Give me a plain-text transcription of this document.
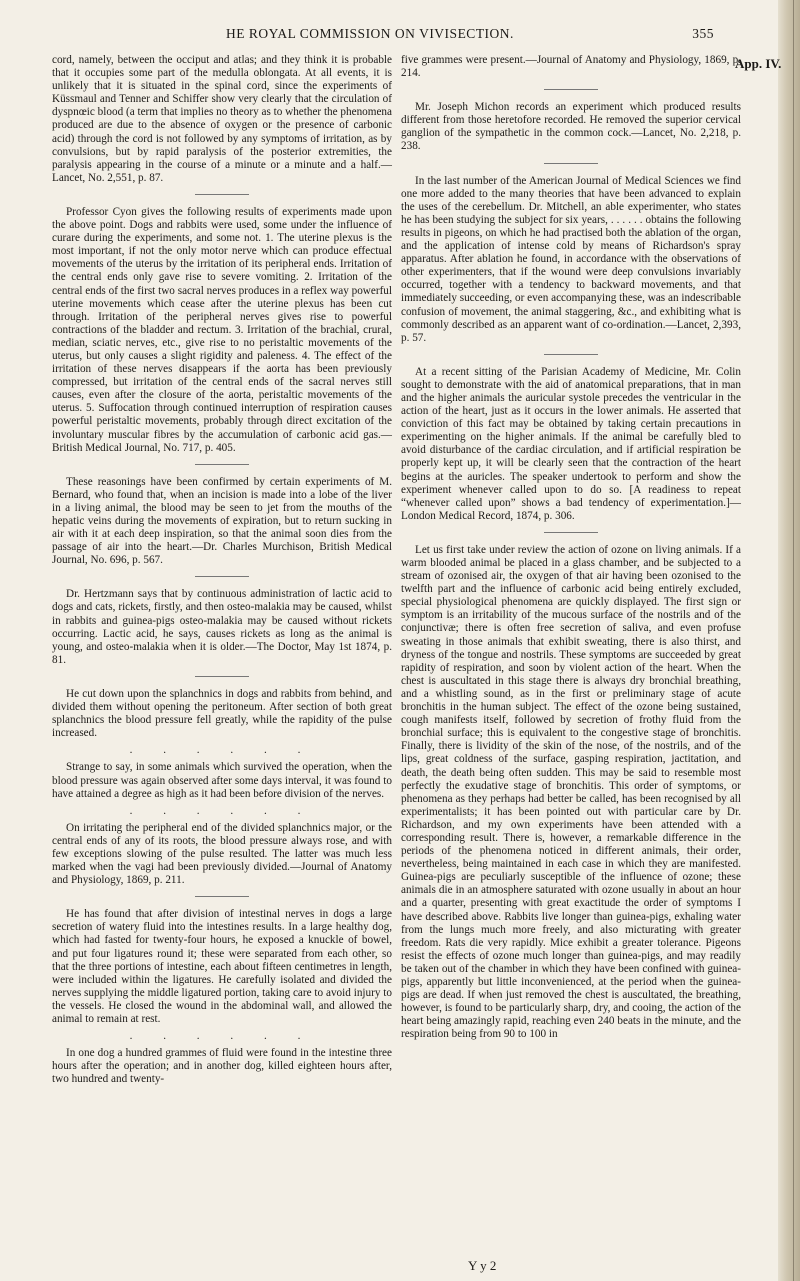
HE ROYAL COMMISSION ON VIVISECTION.	355
App. IV.

cord, namely, between the occiput and atlas; and they think it is probable that it occupies some part of the medulla oblongata. At all events, it is unlikely that it is situated in the spinal cord, since the experiments of Küssmaul and Tenner and Schiffer show very clearly that the circulation of dyspnœic blood (a term that implies no theory as to whether the phenomena produced are due to the absence of oxygen or the presence of carbonic acid) through the cord is not followed by any symptoms of irritation, as by convulsions, but by rapid paralysis of the posterior extremities, the paralysis appearing in the course of a minute or a minute and a half.—Lancet, No. 2,551, p. 87.

Professor Cyon gives the following results of experiments made upon the above point. Dogs and rabbits were used, some under the influence of curare during the experiments, and some not. 1. The uterine plexus is the most important, if not the only motor nerve which can produce effectual movements of the uterus by the irritation of its peripheral ends. Irritation of the central ends only gave rise to severe vomiting. 2. Irritation of the central ends of the first two sacral nerves produces in a reflex way powerful uterine movements which cease after the uterine plexus has been cut through. Irritation of the peripheral nerves gives rise to powerful contractions of the bladder and rectum. 3. Irritation of the brachial, crural, median, sciatic nerves, etc., give rise to no peristaltic movements of the uterus, but only causes a slight rigidity and paleness. 4. The effect of the irritation of these nerves disappears if the aorta has been previously compressed, but irritation of the central ends of the sacral nerves still causes, even after the closure of the aorta, peristaltic movements of the uterus. 5. Suffocation through continued interruption of respiration causes powerful peristaltic movements, probably through direct excitation of the involuntary muscular fibres by the accumulation of carbonic acid gas.—British Medical Journal, No. 717, p. 405.

These reasonings have been confirmed by certain experiments of M. Bernard, who found that, when an incision is made into a lobe of the liver in a living animal, the blood may be seen to jet from the mouths of the hepatic veins during the movements of expiration, but to return sucking in air with it at each deep inspiration, so that the animal soon dies from the passage of air into the heart.—Dr. Charles Murchison, British Medical Journal, No. 696, p. 567.

Dr. Hertzmann says that by continuous administration of lactic acid to dogs and cats, rickets, firstly, and then osteo-malakia may be caused, whilst in rabbits and guinea-pigs osteo-malakia may be caused without rickets occurring. Lactic acid, he says, causes rickets as long as the animal is young, and osteo-malakia when it is older.—The Doctor, May 1st 1874, p. 81.

He cut down upon the splanchnics in dogs and rabbits from behind, and divided them without opening the peritoneum. After section of both great splanchnics the blood pressure fell greatly, while the rapidity of the pulse increased.

. . . . . .

Strange to say, in some animals which survived the operation, when the blood pressure was again observed after some days interval, it was found to have attained a degree as high as it had been before division of the nerves.

. . . . . .

On irritating the peripheral end of the divided splanchnics major, or the central ends of any of its roots, the blood pressure always rose, and with few exceptions slowing of the pulse resulted. The latter was much less marked when the vagi had been previously divided.—Journal of Anatomy and Physiology, 1869, p. 211.

He has found that after division of intestinal nerves in dogs a large secretion of watery fluid into the intestines results. In a large healthy dog, which had fasted for twenty-four hours, he exposed a knuckle of bowel, and put four ligatures round it; these were separated from each other, so that the three portions of intestine, each about fifteen centimetres in length, were included within the ligatures. He carefully isolated and divided the nerves supplying the middle ligatured portion, taking care to avoid injury to the vessels. He closed the wound in the abdominal wall, and allowed the animal to remain at rest.

. . . . . .

In one dog a hundred grammes of fluid were found in the intestine three hours after the operation; and in another dog, killed eighteen hours after, two hundred and twenty-

five grammes were present.—Journal of Anatomy and Physiology, 1869, p. 214.

Mr. Joseph Michon records an experiment which produced results different from those heretofore recorded. He removed the superior cervical ganglion of the sympathetic in the common cock.—Lancet, No. 2,218, p. 238.

In the last number of the American Journal of Medical Sciences we find one more added to the many theories that have been advanced to explain the uses of the cerebellum. Dr. Mitchell, an able experimenter, who states he has been studying the subject for six years, . . . . . . obtains the following results in pigeons, on which he had practised both the ablation of the organ, and the application of intense cold by means of Richardson's spray apparatus. After ablation he found, in accordance with the observations of other experimenters, that if the wound were deep convulsions invariably occurred, together with a tendency to backward movements, and that immediately succeeding, or even accompanying these, was an indescribable confusion of movement, the animal staggering, &c., and exhibiting what is commonly described as an apparent want of co-ordination.—Lancet, 2,393, p. 57.

At a recent sitting of the Parisian Academy of Medicine, Mr. Colin sought to demonstrate with the aid of anatomical preparations, that in man and the higher animals the auricular systole precedes the ventricular in the action of the heart, just as it occurs in the lower animals. He asserted that conviction of this fact may be obtained by taking certain precautions in experimenting on the higher animals. If the animal be carefully bled to avoid disturbance of the cardiac circulation, and if artificial respiration be properly kept up, it will be clearly seen that the contraction of the heart begins at the auricles. The speaker undertook to perform and show the experiment whenever called upon to do so. [A readiness to repeat “whenever called upon” shows a bad tendency of experimentation.]—London Medical Record, 1874, p. 306.

Let us first take under review the action of ozone on living animals. If a warm blooded animal be placed in a glass chamber, and be subjected to a stream of ozonised air, the oxygen of that air having been ozonised to the twelfth part and the influence of carbonic acid being entirely excluded, special physiological phenomena are quickly displayed. The first sign or symptom is an irritability of the mucous surface of the nostrils and of the conjunctivæ; there is often free secretion of saliva, and even profuse sweating in those animals that exhibit sweating, there is also thirst, and dryness of the tongue and nostrils. These symptoms are succeeded by great rapidity of respiration, and soon by violent action of the heart. When the chest is auscultated in this stage there is always dry bronchial breathing, and a whistling sound, as in the first or preliminary stage of acute bronchitis in the human subject. The effect of the ozone being sustained, cough manifests itself, followed by secretion of frothy fluid from the bronchial surface; this is equivalent to the congestive stage of bronchitis. Finally, there is lividity of the skin of the nose, of the nostrils, and of the lips, great coldness of the surface, gasping respiration, jactitation, and death, the death being often sudden. This may be said to resemble most perfectly the exudative stage of bronchitis. This order of symptoms, or phenomena as they perhaps had better be called, has been recognised by all experimentalists; it has been pointed out with particular care by Dr. Richardson, and my own experiments have been attended with a corresponding result. There is, however, a remarkable difference in the periods of the phenomena noticed in different animals, their order, nevertheless, being maintained in each case in which they are manifested. Guinea-pigs are peculiarly susceptible of the influence of ozone; these animals die in an atmosphere saturated with ozone usually in about an hour and a quarter, presenting with great exactitude the order of symptoms I have described above. Rabbits live longer than guinea-pigs, exhaling water from the lungs much more freely, and also micturating with greater freedom. Rats die very rapidly. Mice exhibit a greater tolerance. Pigeons resist the effects of ozone much longer than guinea-pigs, and may readily be taken out of the chamber in which they have been confined with guinea-pigs, apparently but little inconvenienced, at the period when the guinea-pigs are dead. If when just removed the chest is auscultated, the breathing, however, is found to be particularly sharp, dry, and cooing, the action of the heart being amazingly rapid, reaching even 240 beats in the minute, and the respiration being from 90 to 100 in

Y y 2
